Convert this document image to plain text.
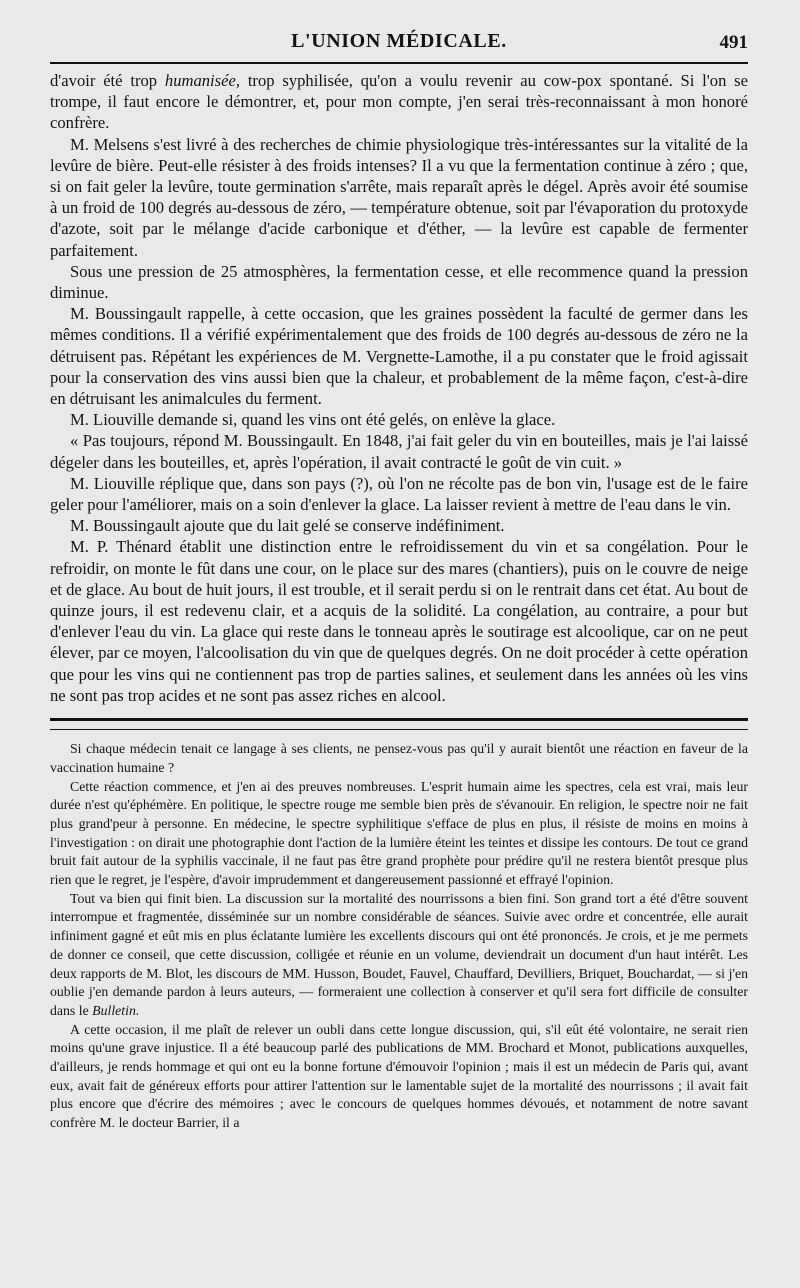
L'UNION MÉDICALE.	491

d'avoir été trop humanisée, trop syphilisée, qu'on a voulu revenir au cow-pox spontané. Si l'on se trompe, il faut encore le démontrer, et, pour mon compte, j'en serai très-reconnaissant à mon honoré confrère.

M. Melsens s'est livré à des recherches de chimie physiologique très-intéressantes sur la vitalité de la levûre de bière. Peut-elle résister à des froids intenses? Il a vu que la fermentation continue à zéro ; que, si on fait geler la levûre, toute germination s'arrête, mais reparaît après le dégel. Après avoir été soumise à un froid de 100 degrés au-dessous de zéro, — température obtenue, soit par l'évaporation du protoxyde d'azote, soit par le mélange d'acide carbonique et d'éther, — la levûre est capable de fermenter parfaitement.

Sous une pression de 25 atmosphères, la fermentation cesse, et elle recommence quand la pression diminue.

M. Boussingault rappelle, à cette occasion, que les graines possèdent la faculté de germer dans les mêmes conditions. Il a vérifié expérimentalement que des froids de 100 degrés au-dessous de zéro ne la détruisent pas. Répétant les expériences de M. Vergnette-Lamothe, il a pu constater que le froid agissait pour la conservation des vins aussi bien que la chaleur, et probablement de la même façon, c'est-à-dire en détruisant les animalcules du ferment.

M. Liouville demande si, quand les vins ont été gelés, on enlève la glace.

« Pas toujours, répond M. Boussingault. En 1848, j'ai fait geler du vin en bouteilles, mais je l'ai laissé dégeler dans les bouteilles, et, après l'opération, il avait contracté le goût de vin cuit. »

M. Liouville réplique que, dans son pays (?), où l'on ne récolte pas de bon vin, l'usage est de le faire geler pour l'améliorer, mais on a soin d'enlever la glace. La laisser revient à mettre de l'eau dans le vin.

M. Boussingault ajoute que du lait gelé se conserve indéfiniment.

M. P. Thénard établit une distinction entre le refroidissement du vin et sa congélation. Pour le refroidir, on monte le fût dans une cour, on le place sur des mares (chantiers), puis on le couvre de neige et de glace. Au bout de huit jours, il est trouble, et il serait perdu si on le rentrait dans cet état. Au bout de quinze jours, il est redevenu clair, et a acquis de la solidité. La congélation, au contraire, a pour but d'enlever l'eau du vin. La glace qui reste dans le tonneau après le soutirage est alcoolique, car on ne peut élever, par ce moyen, l'alcoolisation du vin que de quelques degrés. On ne doit procéder à cette opération que pour les vins qui ne contiennent pas trop de parties salines, et seulement dans les années où les vins ne sont pas trop acides et ne sont pas assez riches en alcool.

Si chaque médecin tenait ce langage à ses clients, ne pensez-vous pas qu'il y aurait bientôt une réaction en faveur de la vaccination humaine ?

Cette réaction commence, et j'en ai des preuves nombreuses. L'esprit humain aime les spectres, cela est vrai, mais leur durée n'est qu'éphémère. En politique, le spectre rouge me semble bien près de s'évanouir. En religion, le spectre noir ne fait plus grand'peur à personne. En médecine, le spectre syphilitique s'efface de plus en plus, il résiste de moins en moins à l'investigation : on dirait une photographie dont l'action de la lumière éteint les teintes et dissipe les contours. De tout ce grand bruit fait autour de la syphilis vaccinale, il ne faut pas être grand prophète pour prédire qu'il ne restera bientôt presque plus rien que le regret, je l'espère, d'avoir imprudemment et dangereusement passionné et effrayé l'opinion.

Tout va bien qui finit bien. La discussion sur la mortalité des nourrissons a bien fini. Son grand tort a été d'être souvent interrompue et fragmentée, disséminée sur un nombre considérable de séances. Suivie avec ordre et concentrée, elle aurait infiniment gagné et eût mis en plus éclatante lumière les excellents discours qui ont été prononcés. Je crois, et je me permets de donner ce conseil, que cette discussion, colligée et réunie en un volume, deviendrait un document d'un haut intérêt. Les deux rapports de M. Blot, les discours de MM. Husson, Boudet, Fauvel, Chauffard, Devilliers, Briquet, Bouchardat, — si j'en oublie j'en demande pardon à leurs auteurs, — formeraient une collection à conserver et qu'il sera fort difficile de consulter dans le Bulletin.

A cette occasion, il me plaît de relever un oubli dans cette longue discussion, qui, s'il eût été volontaire, ne serait rien moins qu'une grave injustice. Il a été beaucoup parlé des publications de MM. Brochard et Monot, publications auxquelles, d'ailleurs, je rends hommage et qui ont eu la bonne fortune d'émouvoir l'opinion ; mais il est un médecin de Paris qui, avant eux, avait fait de généreux efforts pour attirer l'attention sur le lamentable sujet de la mortalité des nourrissons ; il avait fait plus encore que d'écrire des mémoires ; avec le concours de quelques hommes dévoués, et notamment de notre savant confrère M. le docteur Barrier, il a
